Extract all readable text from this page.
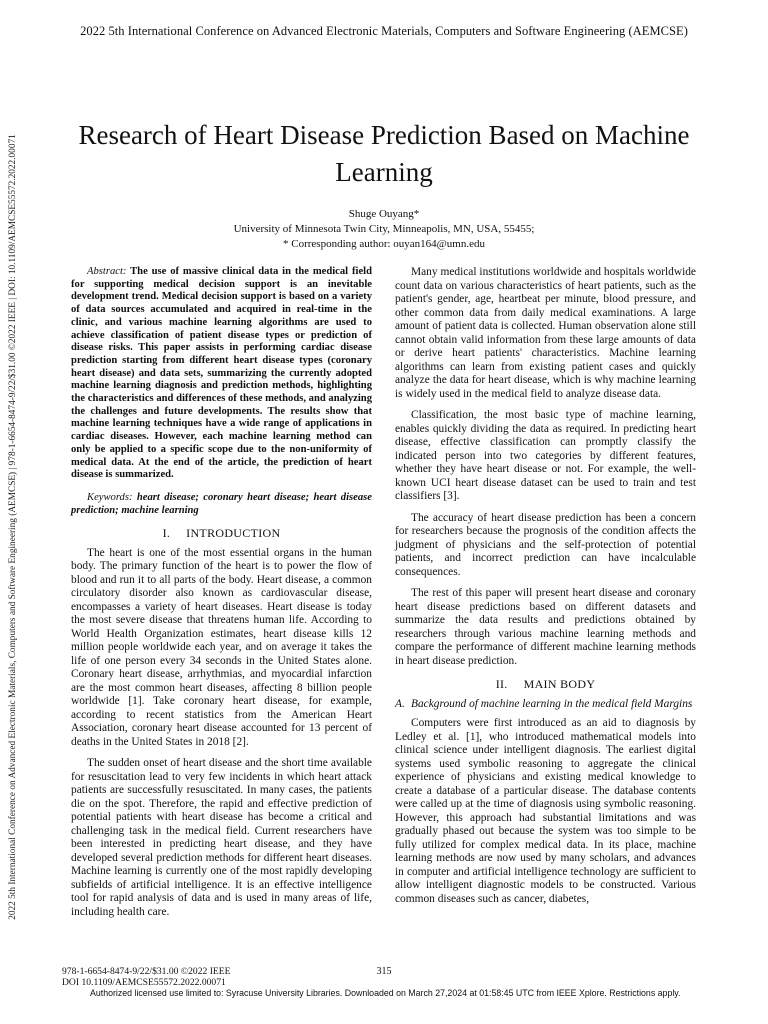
2022 5th International Conference on Advanced Electronic Materials, Computers and Software Engineering (AEMCSE)
2022 5th International Conference on Advanced Electronic Materials, Computers and Software Engineering (AEMCSE) | 978-1-6654-8474-9/22/$31.00 ©2022 IEEE | DOI: 10.1109/AEMCSE55572.2022.00071	Research of Heart Disease Prediction Based on Machine Learning
Shuge Ouyang*
University of Minnesota Twin City, Minneapolis, MN, USA, 55455;
* Corresponding author: ouyan164@umn.edu

Abstract: The use of massive clinical data in the medical field for supporting medical decision support is an inevitable development trend. Medical decision support is based on a variety of data sources accumulated and acquired in real-time in the clinic, and various machine learning algorithms are used to achieve classification of patient disease types or prediction of disease risks. This paper assists in performing cardiac disease prediction starting from different heart disease types (coronary heart disease) and data sets, summarizing the currently adopted machine learning diagnosis and prediction methods, highlighting the characteristics and differences of these methods, and analyzing the challenges and future developments. The results show that machine learning techniques have a wide range of applications in cardiac diseases. However, each machine learning method can only be applied to a specific scope due to the non-uniformity of medical data. At the end of the article, the prediction of heart disease is summarized.

Keywords: heart disease; coronary heart disease; heart disease prediction; machine learning

I. INTRODUCTION

The heart is one of the most essential organs in the human body. The primary function of the heart is to power the flow of blood and run it to all parts of the body. Heart disease, a common circulatory disorder also known as cardiovascular disease, encompasses a variety of heart diseases. Heart disease is today the most severe disease that threatens human life. According to World Health Organization estimates, heart disease kills 12 million people worldwide each year, and on average it takes the life of one person every 34 seconds in the United States alone. Coronary heart disease, arrhythmias, and myocardial infarction are the most common heart diseases, affecting 8 billion people worldwide [1]. Take coronary heart disease, for example, according to recent statistics from the American Heart Association, coronary heart disease accounted for 13 percent of deaths in the United States in 2018 [2].

The sudden onset of heart disease and the short time available for resuscitation lead to very few incidents in which heart attack patients are successfully resuscitated. In many cases, the patients die on the spot. Therefore, the rapid and effective prediction of potential patients with heart disease has become a critical and challenging task in the medical field. Current researchers have been interested in predicting heart disease, and they have developed several prediction methods for different heart diseases. Machine learning is currently one of the most rapidly developing subfields of artificial intelligence. It is an effective intelligence tool for rapid analysis of data and is used in many areas of life, including health care.

Many medical institutions worldwide and hospitals worldwide count data on various characteristics of heart patients, such as the patient's gender, age, heartbeat per minute, blood pressure, and other common data from daily medical examinations. A large amount of patient data is collected. Human observation alone still cannot obtain valid information from these large amounts of data or derive heart patients' characteristics. Machine learning algorithms can learn from existing patient cases and quickly analyze the data for heart disease, which is why machine learning is widely used in the medical field to analyze disease data.

Classification, the most basic type of machine learning, enables quickly dividing the data as required. In predicting heart disease, effective classification can promptly classify the indicated person into two categories by different features, whether they have heart disease or not. For example, the well-known UCI heart disease dataset can be used to train and test classifiers [3].

The accuracy of heart disease prediction has been a concern for researchers because the prognosis of the condition affects the judgment of physicians and the self-protection of potential patients, and incorrect prediction can have incalculable consequences.

The rest of this paper will present heart disease and coronary heart disease predictions based on different datasets and summarize the data results and predictions obtained by researchers through various machine learning methods and compare the performance of different machine learning methods in heart disease prediction.

II. MAIN BODY
A. Background of machine learning in the medical field Margins

Computers were first introduced as an aid to diagnosis by Ledley et al. [1], who introduced mathematical models into clinical science under intelligent diagnosis. The earliest digital systems used symbolic reasoning to aggregate the clinical experience of physicians and existing medical knowledge to create a database of a particular disease. The database contents were called up at the time of diagnosis using symbolic reasoning. However, this approach had substantial limitations and was gradually phased out because the system was too simple to be fully utilized for complex medical data. In its place, machine learning methods are now used by many scholars, and advances in computer and artificial intelligence technology are sufficient to allow intelligent diagnostic models to be constructed. Various common diseases such as cancer, diabetes,

978-1-6654-8474-9/22/$31.00 ©2022 IEEE
DOI 10.1109/AEMCSE55572.2022.00071
315
Authorized licensed use limited to: Syracuse University Libraries. Downloaded on March 27,2024 at 01:58:45 UTC from IEEE Xplore. Restrictions apply.
